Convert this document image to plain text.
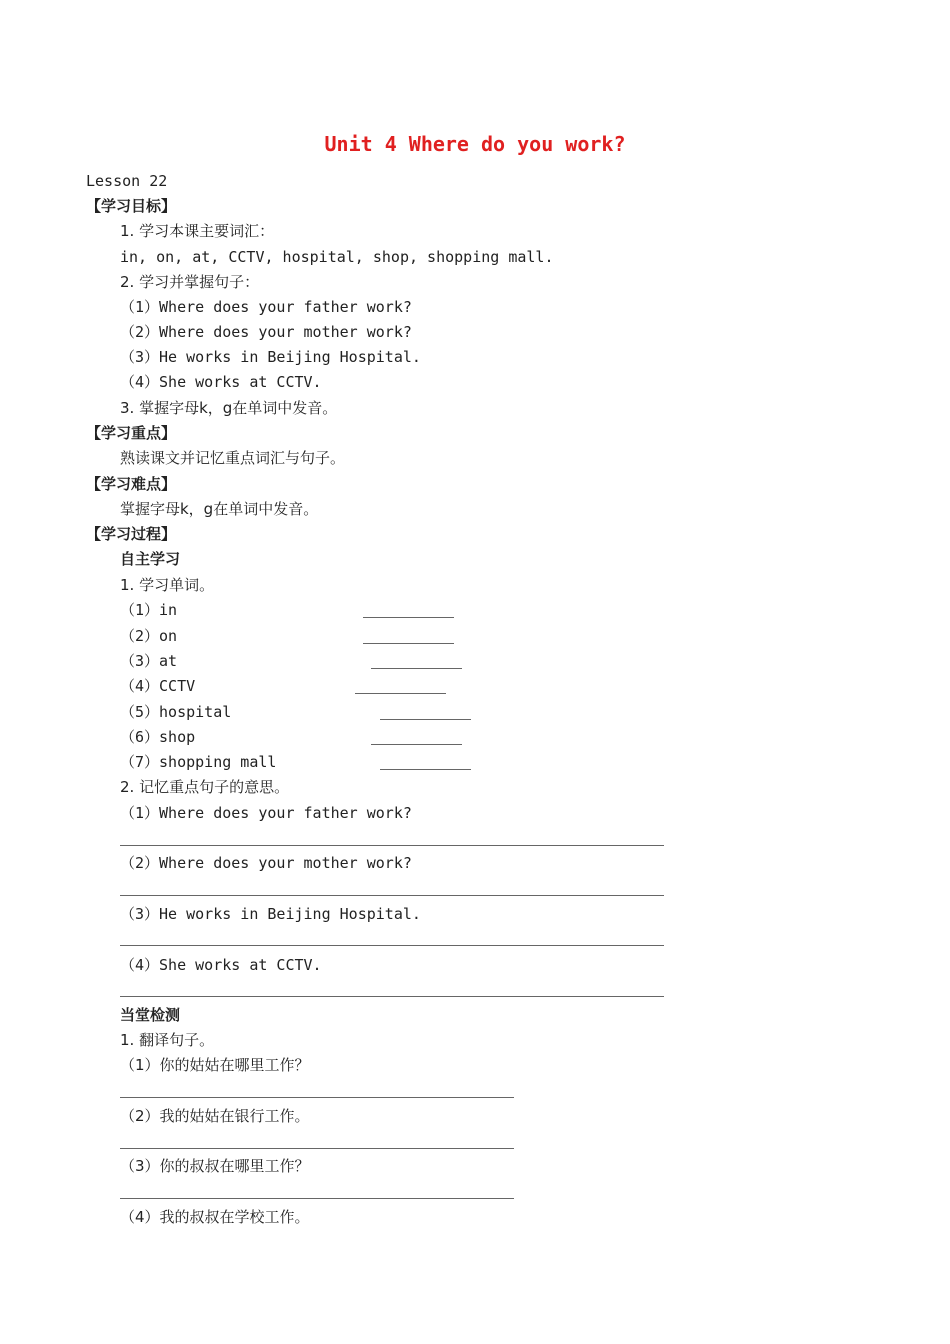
Unit 4 Where do you work?
Lesson 22
【学习目标】
1. 学习本课主要词汇：
in, on, at, CCTV, hospital, shop, shopping mall.
2. 学习并掌握句子：
（1）Where does your father work?
（2）Where does your mother work?
（3）He works in Beijing Hospital.
（4）She works at CCTV.
3. 掌握字母k，g在单词中发音。
【学习重点】
熟读课文并记忆重点词汇与句子。
【学习难点】
掌握字母k，g在单词中发音。
【学习过程】
自主学习
1. 学习单词。
（1）in
（2）on
（3）at
（4）CCTV
（5）hospital
（6）shop
（7）shopping mall
2. 记忆重点句子的意思。
（1）Where does your father work?
（2）Where does your mother work?
（3）He works in Beijing Hospital.
（4）She works at CCTV.
当堂检测
1. 翻译句子。
（1）你的姑姑在哪里工作？
（2）我的姑姑在银行工作。
（3）你的叔叔在哪里工作？
（4）我的叔叔在学校工作。
